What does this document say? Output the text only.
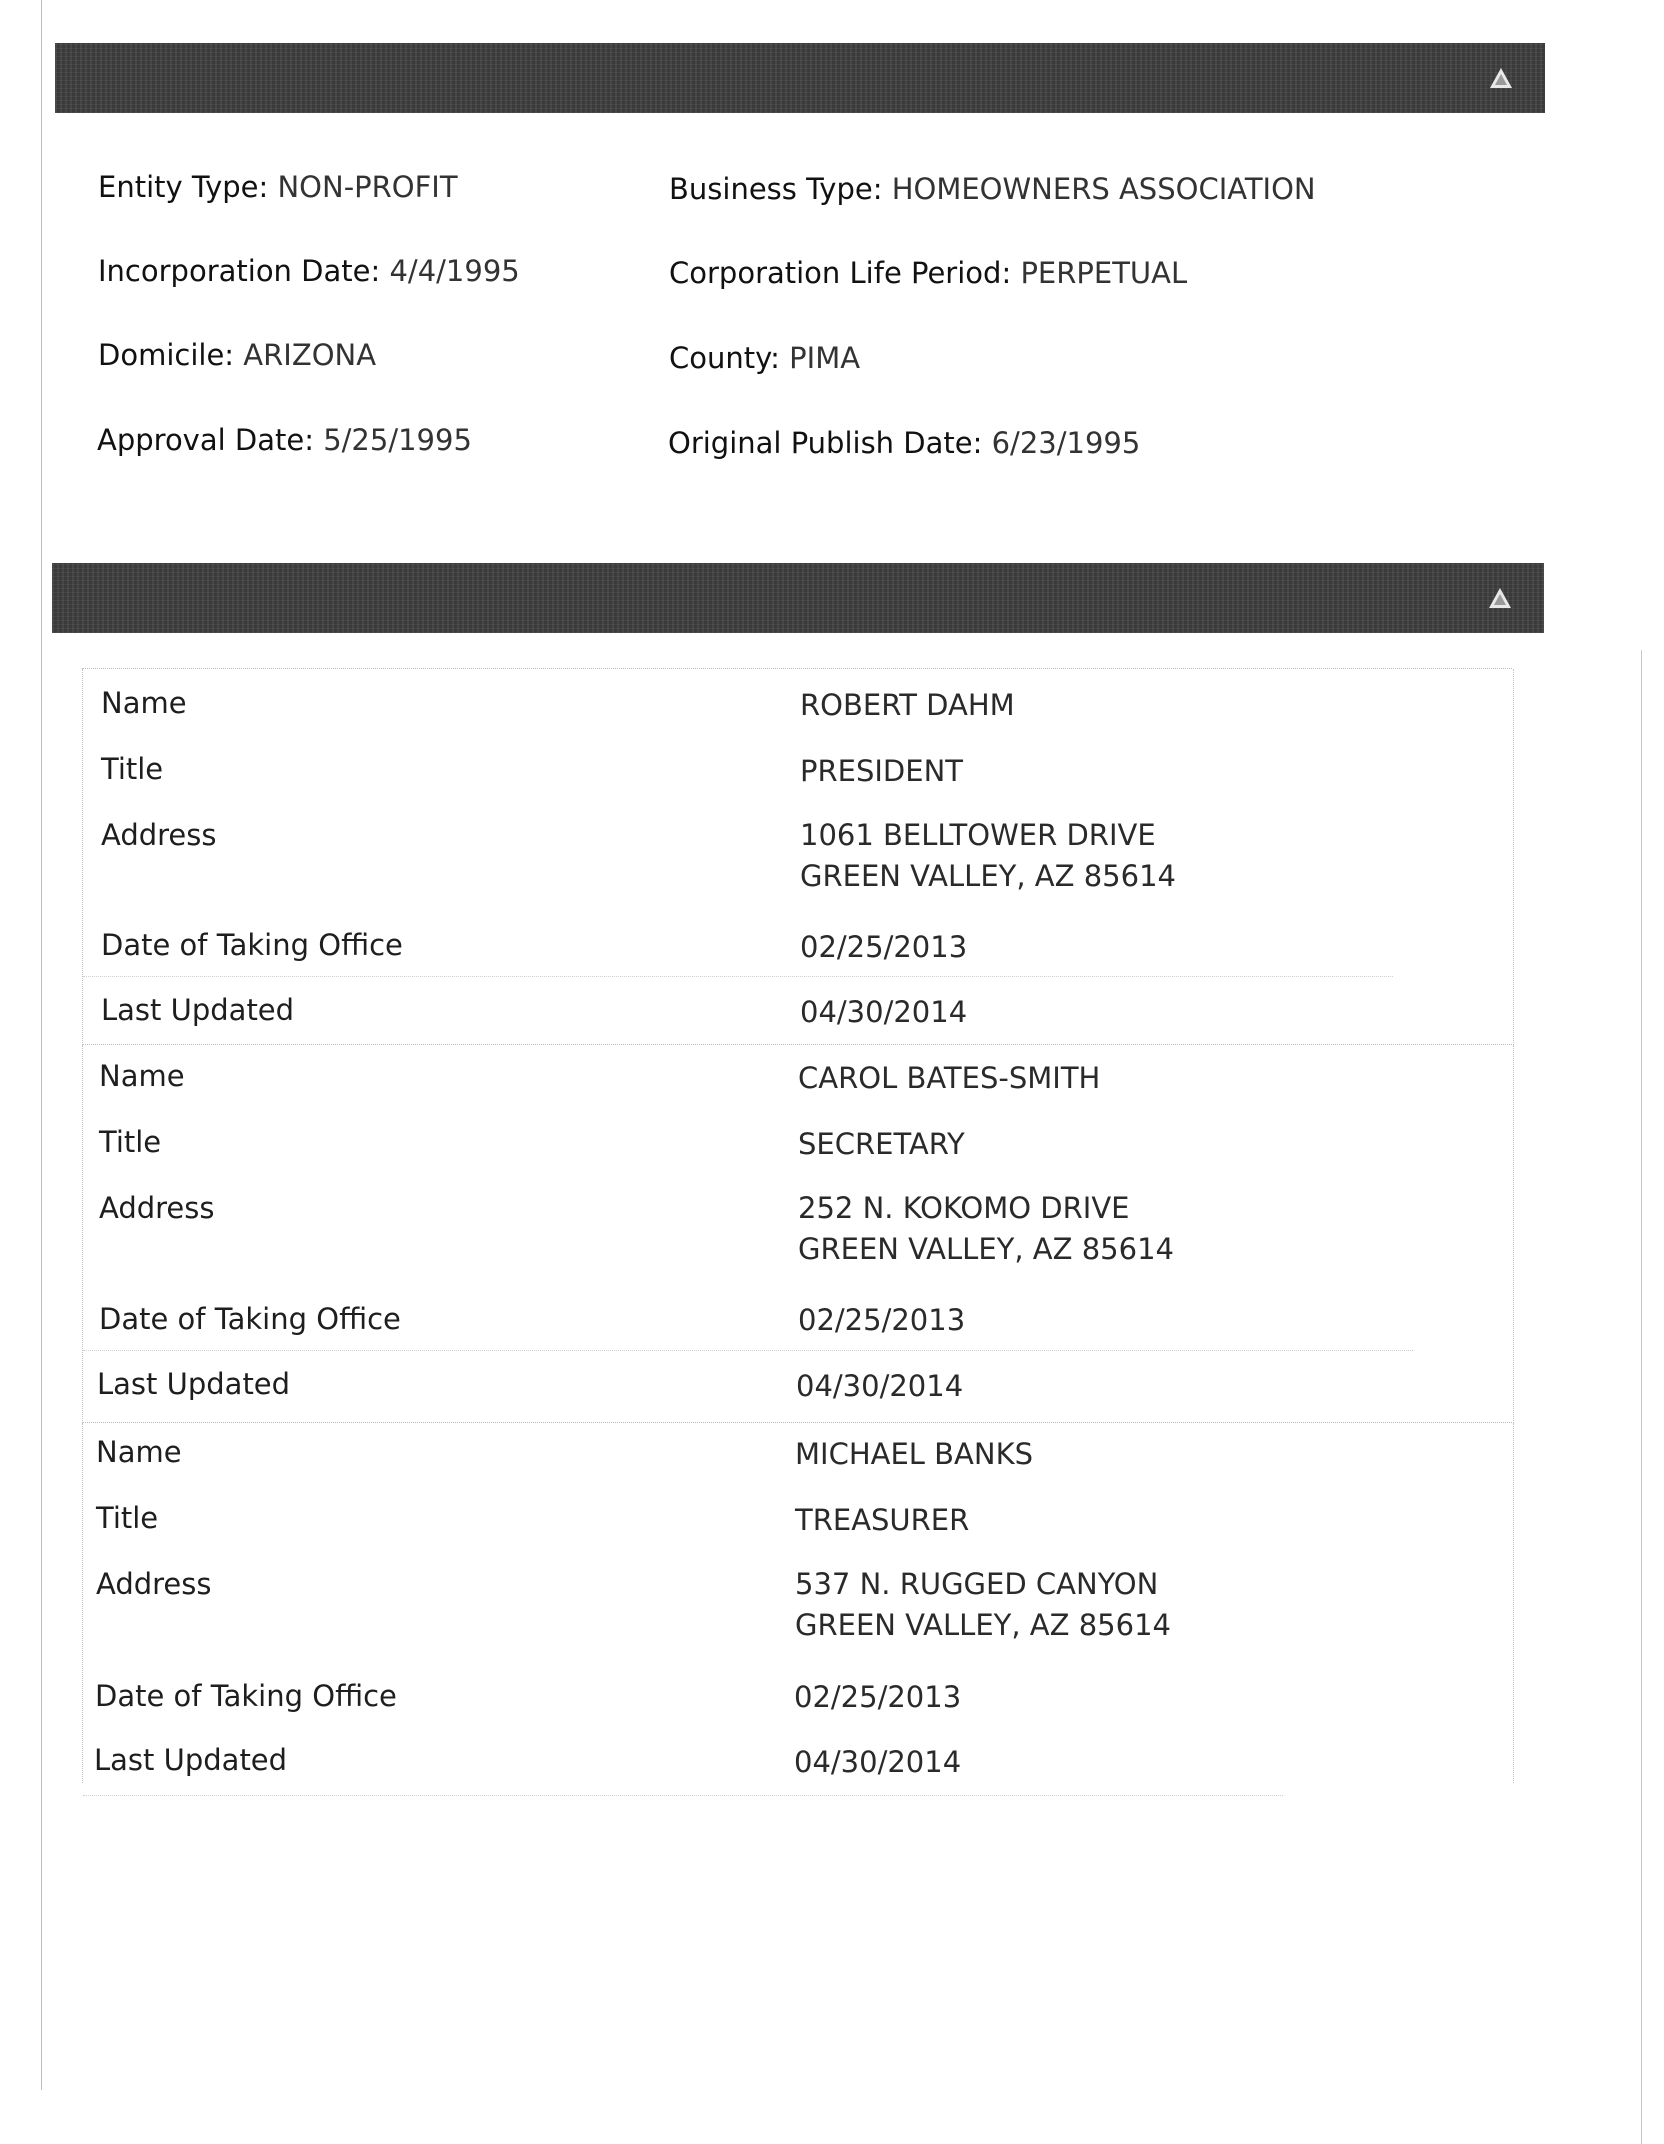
Entity Type: NON-PROFIT	Business Type: HOMEOWNERS ASSOCIATION
Incorporation Date: 4/4/1995	Corporation Life Period: PERPETUAL
Domicile: ARIZONA	County: PIMA
Approval Date: 5/25/1995	Original Publish Date: 6/23/1995
Name	ROBERT DAHM
Title	PRESIDENT
Address	1061 BELLTOWER DRIVE
GREEN VALLEY, AZ 85614
Date of Taking Office	02/25/2013
Last Updated	04/30/2014
Name	CAROL BATES-SMITH
Title	SECRETARY
Address	252 N. KOKOMO DRIVE
GREEN VALLEY, AZ 85614
Date of Taking Office	02/25/2013
Last Updated	04/30/2014
Name	MICHAEL BANKS
Title	TREASURER
Address	537 N. RUGGED CANYON
GREEN VALLEY, AZ 85614
Date of Taking Office	02/25/2013
Last Updated	04/30/2014
